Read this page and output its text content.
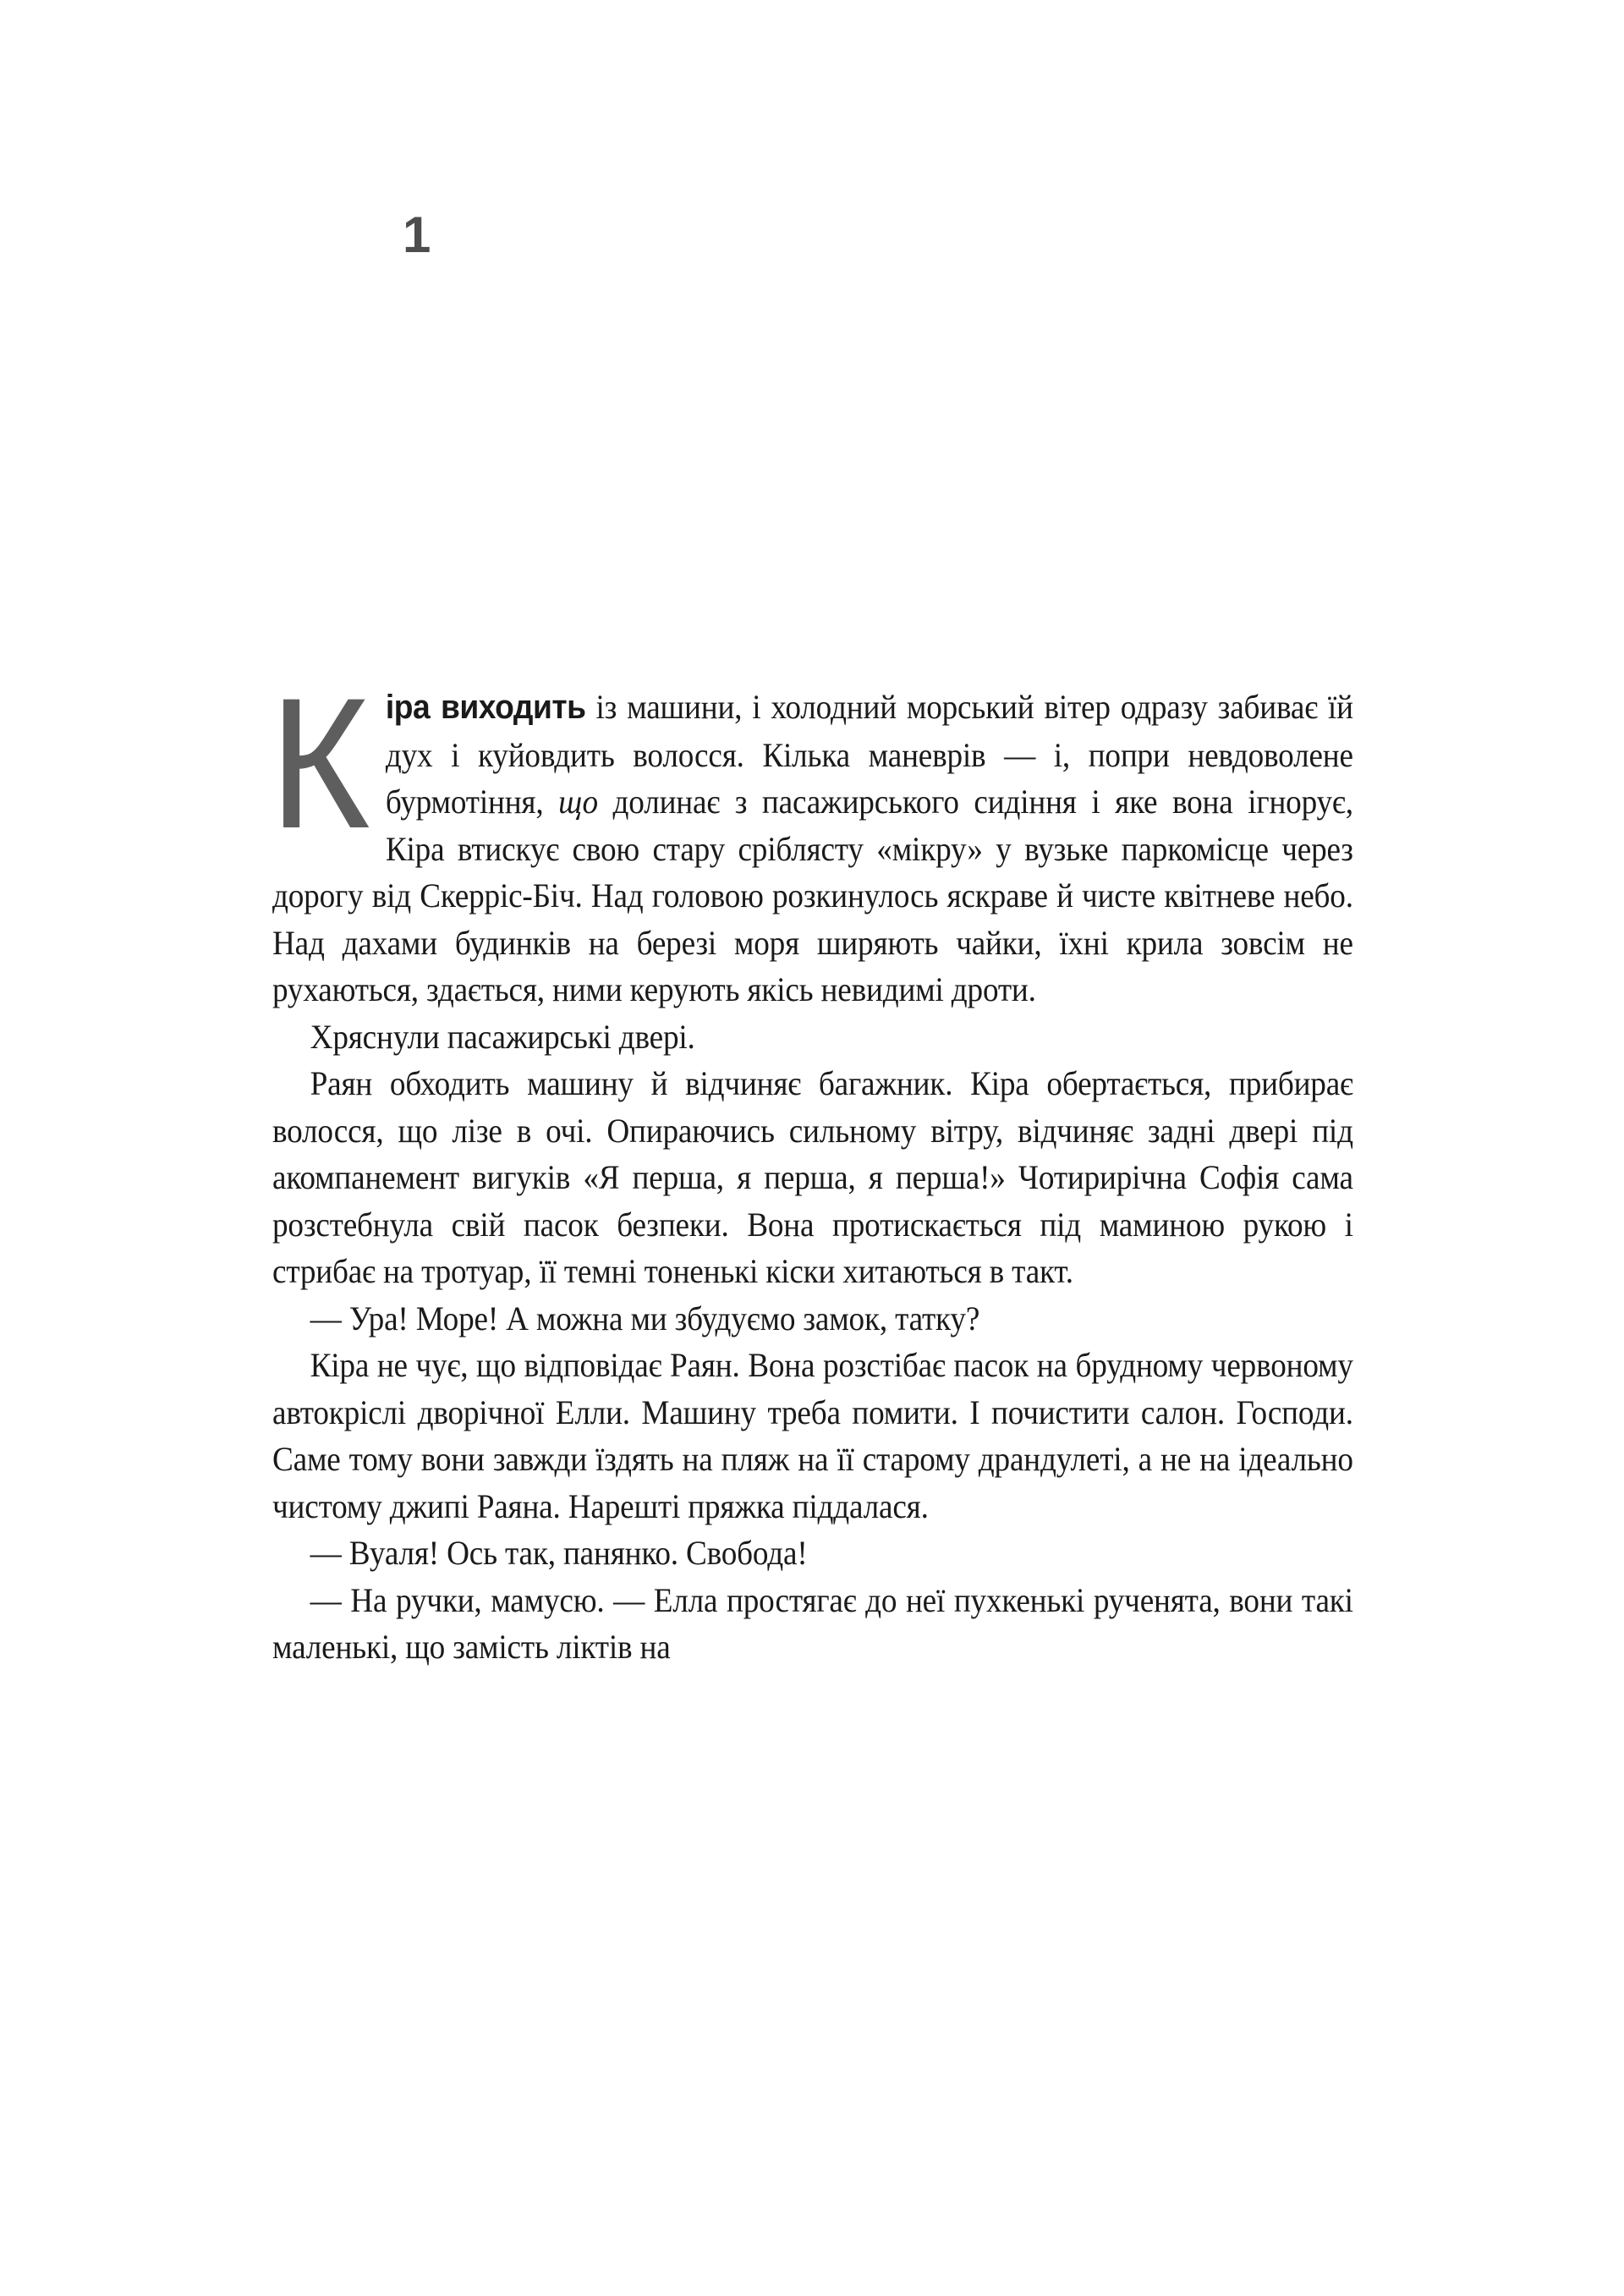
1

Кіра виходить із машини, і холодний морський вітер одразу забиває їй дух і куйовдить волосся. Кілька маневрів — і, попри невдоволене бурмотіння, що долинає з пасажирського сидіння і яке вона ігнорує, Кіра втискує свою стару сріблясту «мікру» у вузьке паркомісце через дорогу від Скерріс-Біч. Над головою розкинулось яскраве й чисте квітневе небо. Над дахами будинків на березі моря ширяють чайки, їхні крила зовсім не рухаються, здається, ними керують якісь невидимі дроти.

Хряснули пасажирські двері.

Раян обходить машину й відчиняє багажник. Кіра обертається, прибирає волосся, що лізе в очі. Опираючись сильному вітру, відчиняє задні двері під акомпанемент вигуків «Я перша, я перша, я перша!» Чотирирічна Софія сама розстебнула свій пасок безпеки. Вона протискається під маминою рукою і стрибає на тротуар, її темні тоненькі кіски хитаються в такт.

— Ура! Море! А можна ми збудуємо замок, татку?

Кіра не чує, що відповідає Раян. Вона розстібає пасок на брудному червоному автокріслі дворічної Елли. Машину треба помити. І почистити салон. Господи. Саме тому вони завжди їздять на пляж на її старому драндулеті, а не на ідеально чистому джипі Раяна. Нарешті пряжка піддалася.

— Вуаля! Ось так, панянко. Свобода!

— На ручки, мамусю. — Елла простягає до неї пухкенькі рученята, вони такі маленькі, що замість ліктів на
